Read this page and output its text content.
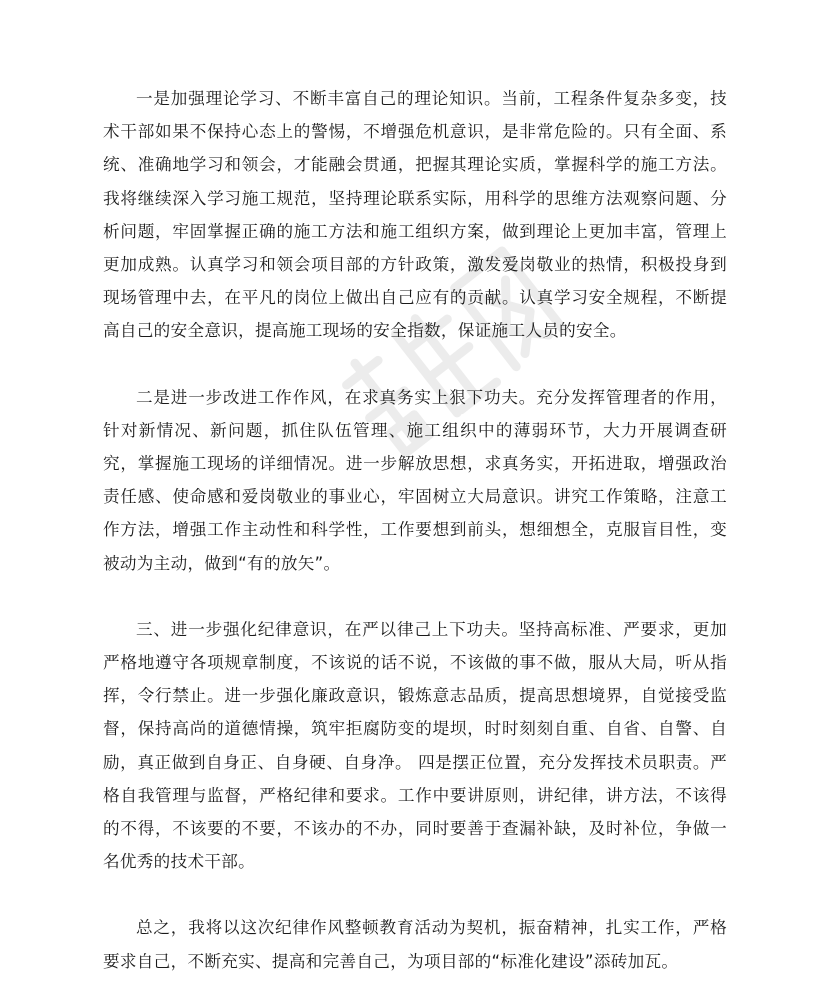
一是加强理论学习、不断丰富自己的理论知识。当前，工程条件复杂多变，技术干部如果不保持心态上的警惕，不增强危机意识，是非常危险的。只有全面、系统、准确地学习和领会，才能融会贯通，把握其理论实质，掌握科学的施工方法。我将继续深入学习施工规范，坚持理论联系实际，用科学的思维方法观察问题、分析问题，牢固掌握正确的施工方法和施工组织方案，做到理论上更加丰富，管理上更加成熟。认真学习和领会项目部的方针政策，激发爱岗敬业的热情，积极投身到现场管理中去，在平凡的岗位上做出自己应有的贡献。认真学习安全规程，不断提高自己的安全意识，提高施工现场的安全指数，保证施工人员的安全。

二是进一步改进工作作风，在求真务实上狠下功夫。充分发挥管理者的作用，针对新情况、新问题，抓住队伍管理、施工组织中的薄弱环节，大力开展调查研究，掌握施工现场的详细情况。进一步解放思想，求真务实，开拓进取，增强政治责任感、使命感和爱岗敬业的事业心，牢固树立大局意识。讲究工作策略，注意工作方法，增强工作主动性和科学性，工作要想到前头，想细想全，克服盲目性，变被动为主动，做到“有的放矢”。

三、进一步强化纪律意识，在严以律己上下功夫。坚持高标准、严要求，更加严格地遵守各项规章制度，不该说的话不说，不该做的事不做，服从大局，听从指挥，令行禁止。进一步强化廉政意识，锻炼意志品质，提高思想境界，自觉接受监督，保持高尚的道德情操，筑牢拒腐防变的堤坝，时时刻刻自重、自省、自警、自励，真正做到自身正、自身硬、自身净。 四是摆正位置，充分发挥技术员职责。严格自我管理与监督，严格纪律和要求。工作中要讲原则，讲纪律，讲方法，不该得的不得，不该要的不要，不该办的不办，同时要善于查漏补缺，及时补位，争做一名优秀的技术干部。

总之，我将以这次纪律作风整顿教育活动为契机，振奋精神，扎实工作，严格要求自己，不断充实、提高和完善自己，为项目部的“标准化建设”添砖加瓦。
